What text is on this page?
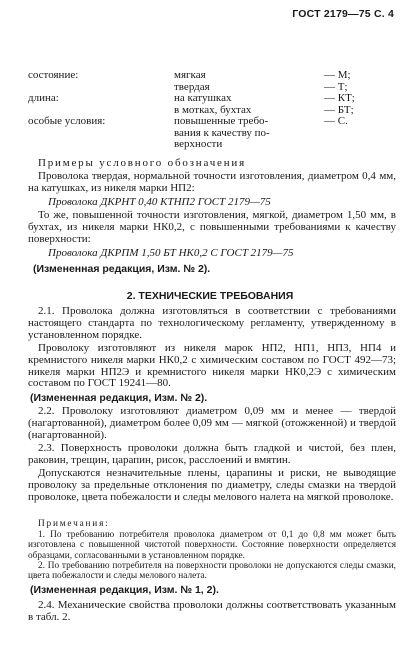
ГОСТ 2179—75 С. 4
состояние:	мягкая	— М;
твердая	— Т;
длина:	на катушках	— КТ;
в мотках, бухтах	— БТ;
особые условия:	повышенные требо-	— С.
вания к качеству по-
верхности
Примеры условного обозначения
Проволока твердая, нормальной точности изготовления, диаметром 0,4 мм, на катушках, из никеля марки НП2:
Проволока ДКРНТ 0,40 КТНП2 ГОСТ 2179—75
То же, повышенной точности изготовления, мягкой, диаметром 1,50 мм, в бухтах, из никеля марки НК0,2, с повышенными требованиями к качеству поверхности:
Проволока ДКРПМ 1,50 БТ НК0,2 С ГОСТ 2179—75
(Измененная редакция, Изм. № 2).
2. ТЕХНИЧЕСКИЕ ТРЕБОВАНИЯ
2.1. Проволока должна изготовляться в соответствии с требованиями настоящего стандарта по технологическому регламенту, утвержденному в установленном порядке.
Проволоку изготовляют из никеля марок НП2, НП1, НП3, НП4 и кремнистого никеля марки НК0,2 с химическим составом по ГОСТ 492—73; никеля марки НП2Э и кремнистого никеля марки НК0,2Э с химическим составом по ГОСТ 19241—80.
(Измененная редакция, Изм. № 2).
2.2. Проволоку изготовляют диаметром 0,09 мм и менее — твердой (нагартованной), диаметром более 0,09 мм — мягкой (отожженной) и твердой (нагартованной).
2.3. Поверхность проволоки должна быть гладкой и чистой, без плен, раковин, трещин, царапин, рисок, расслоений и вмятин.
Допускаются незначительные плены, царапины и риски, не выводящие проволоку за предельные отклонения по диаметру, следы смазки на твердой проволоке, цвета побежалости и следы мелового налета на мягкой проволоке.
Примечания:
1. По требованию потребителя проволока диаметром от 0,1 до 0,8 мм может быть изготовлена с повышенной чистотой поверхности. Состояние поверхности определяется образцами, согласованными в установленном порядке.
2. По требованию потребителя на поверхности проволоки не допускаются следы смазки, цвета побежалости и следы мелового налета.
(Измененная редакция, Изм. № 1, 2).
2.4. Механические свойства проволоки должны соответствовать указанным в табл. 2.
